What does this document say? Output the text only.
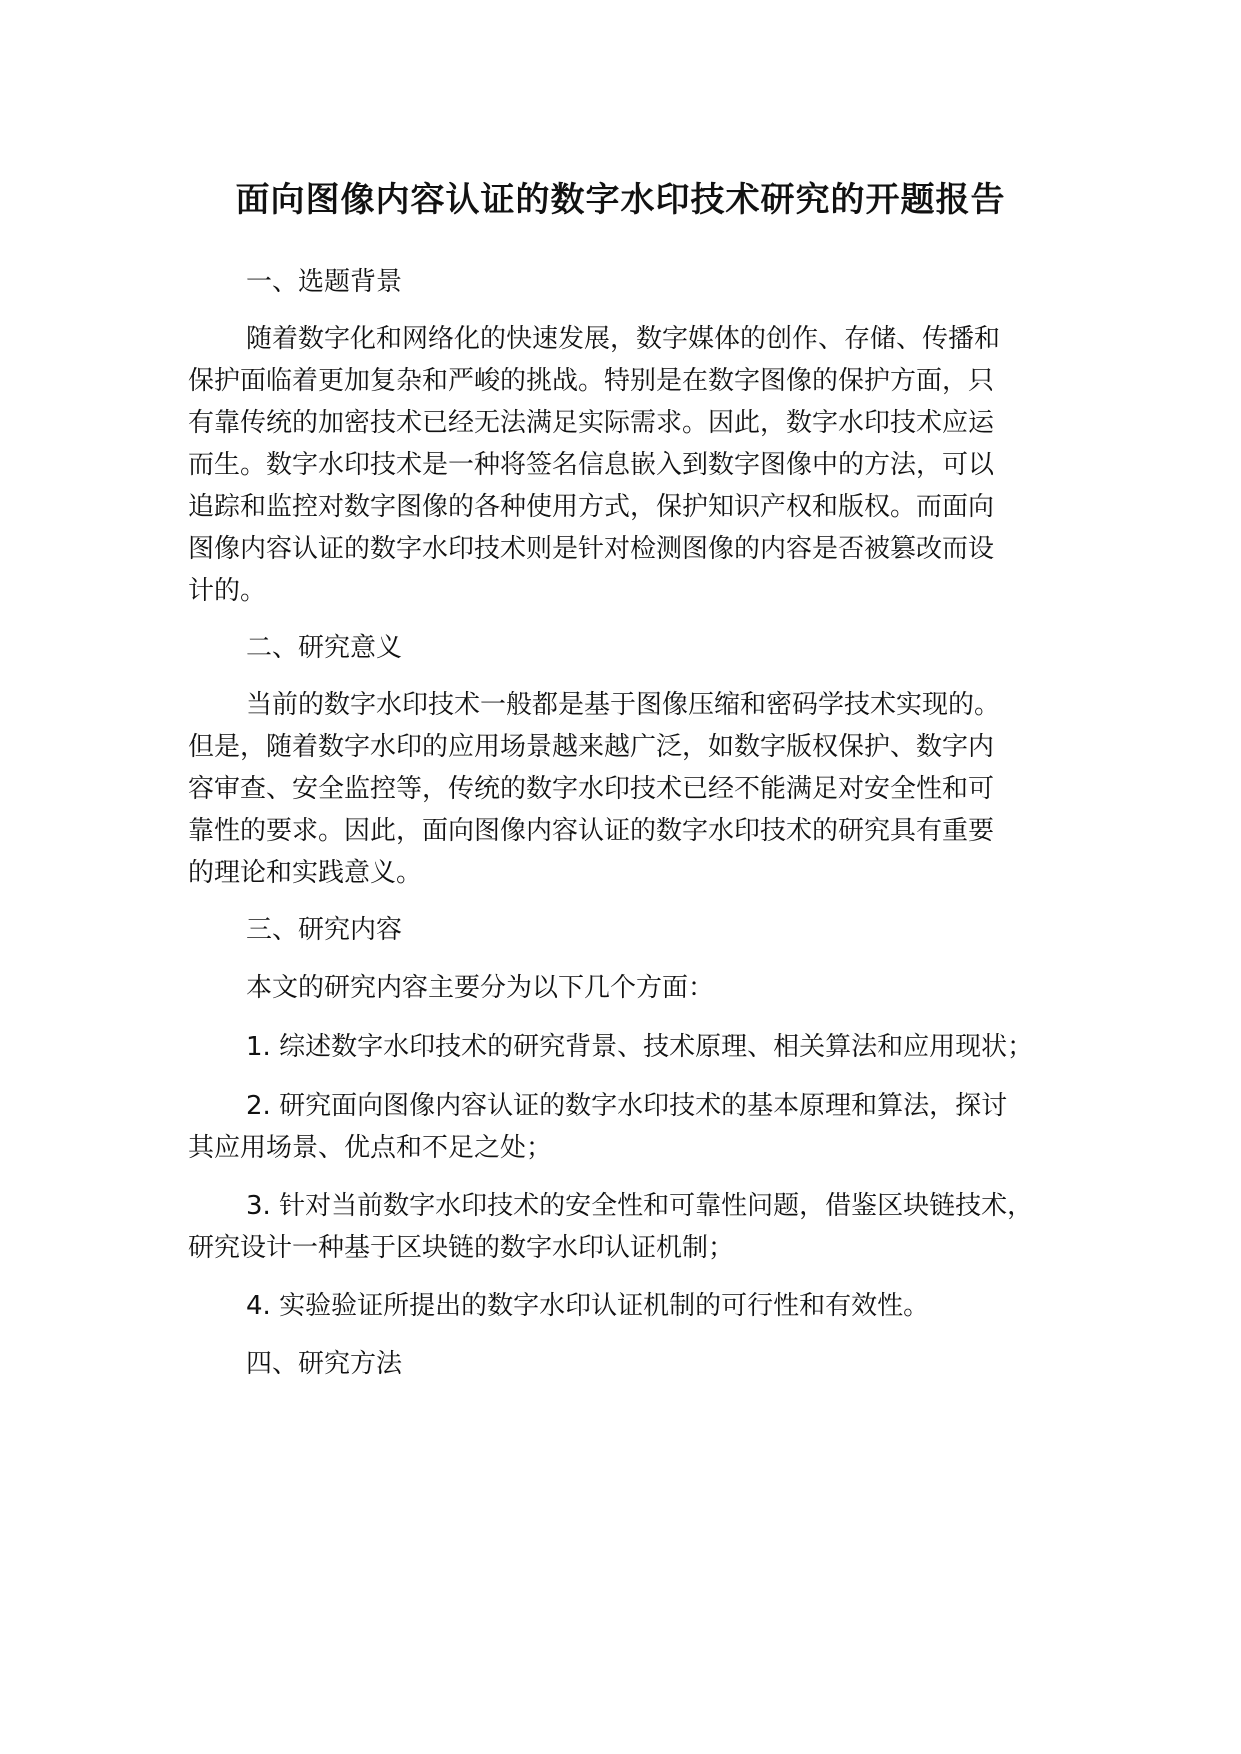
面向图像内容认证的数字水印技术研究的开题报告

一、选题背景

随着数字化和网络化的快速发展，数字媒体的创作、存储、传播和

保护面临着更加复杂和严峻的挑战。特别是在数字图像的保护方面，只

有靠传统的加密技术已经无法满足实际需求。因此，数字水印技术应运

而生。数字水印技术是一种将签名信息嵌入到数字图像中的方法，可以

追踪和监控对数字图像的各种使用方式，保护知识产权和版权。而面向

图像内容认证的数字水印技术则是针对检测图像的内容是否被篡改而设

计的。

二、研究意义

当前的数字水印技术一般都是基于图像压缩和密码学技术实现的。

但是，随着数字水印的应用场景越来越广泛，如数字版权保护、数字内

容审查、安全监控等，传统的数字水印技术已经不能满足对安全性和可

靠性的要求。因此，面向图像内容认证的数字水印技术的研究具有重要

的理论和实践意义。

三、研究内容

本文的研究内容主要分为以下几个方面：

1. 综述数字水印技术的研究背景、技术原理、相关算法和应用现状；

2. 研究面向图像内容认证的数字水印技术的基本原理和算法，探讨

其应用场景、优点和不足之处；

3. 针对当前数字水印技术的安全性和可靠性问题，借鉴区块链技术，

研究设计一种基于区块链的数字水印认证机制；

4. 实验验证所提出的数字水印认证机制的可行性和有效性。

四、研究方法
